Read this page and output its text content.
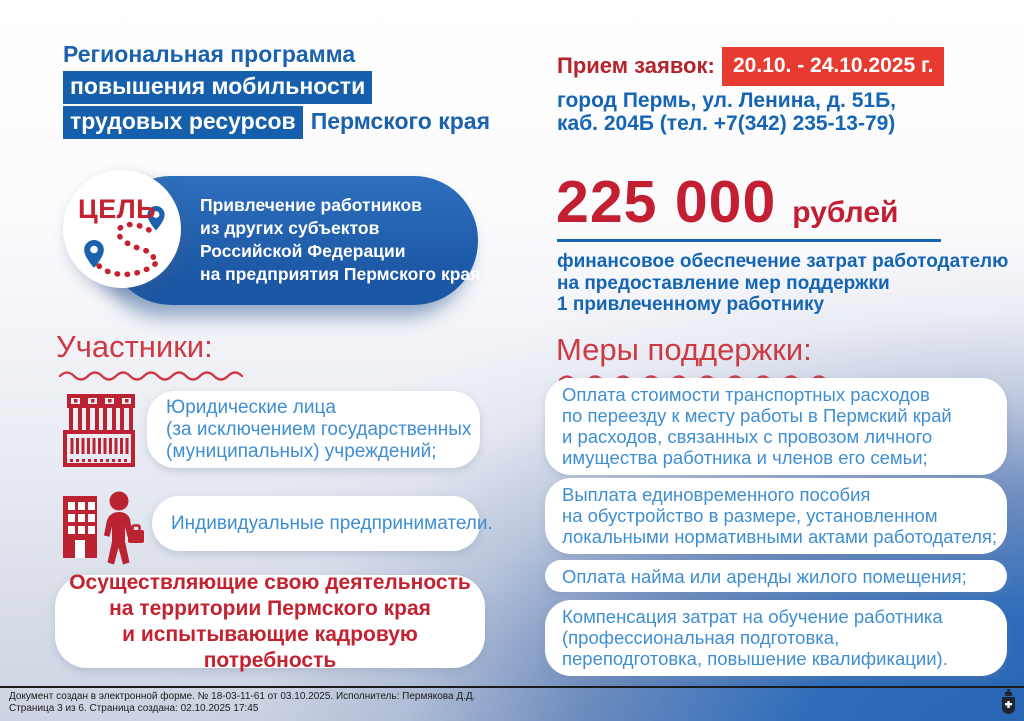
Региональная программа
повышения мобильности
трудовых ресурсов Пермского края
Прием заявок: 20.10. - 24.10.2025 г.
город Пермь, ул. Ленина, д. 51Б,
каб. 204Б (тел. +7(342) 235-13-79)
Привлечение работников
из других субъектов
Российской Федерации
на предприятия Пермского края
ЦЕЛЬ	225 000 рублей
финансовое обеспечение затрат работодателю
на предоставление мер поддержки
1 привлеченному работнику
Участники:
Юридические лица
(за исключением государственных
(муниципальных) учреждений;
Индивидуальные предприниматели.
Осуществляющие свою деятельность
на территории Пермского края
и испытывающие кадровую потребность
Меры поддержки:
Оплата стоимости транспортных расходов
по переезду к месту работы в Пермский край
и расходов, связанных с провозом личного
имущества работника и членов его семьи;
Выплата единовременного пособия
на обустройство в размере, установленном
локальными нормативными актами работодателя;
Оплата найма или аренды жилого помещения;
Компенсация затрат на обучение работника
(профессиональная подготовка,
переподготовка, повышение квалификации).
Документ создан в электронной форме. № 18-03-11-61 от 03.10.2025. Исполнитель: Пермякова Д.Д.
Страница 3 из 6. Страница создана: 02.10.2025 17:45
